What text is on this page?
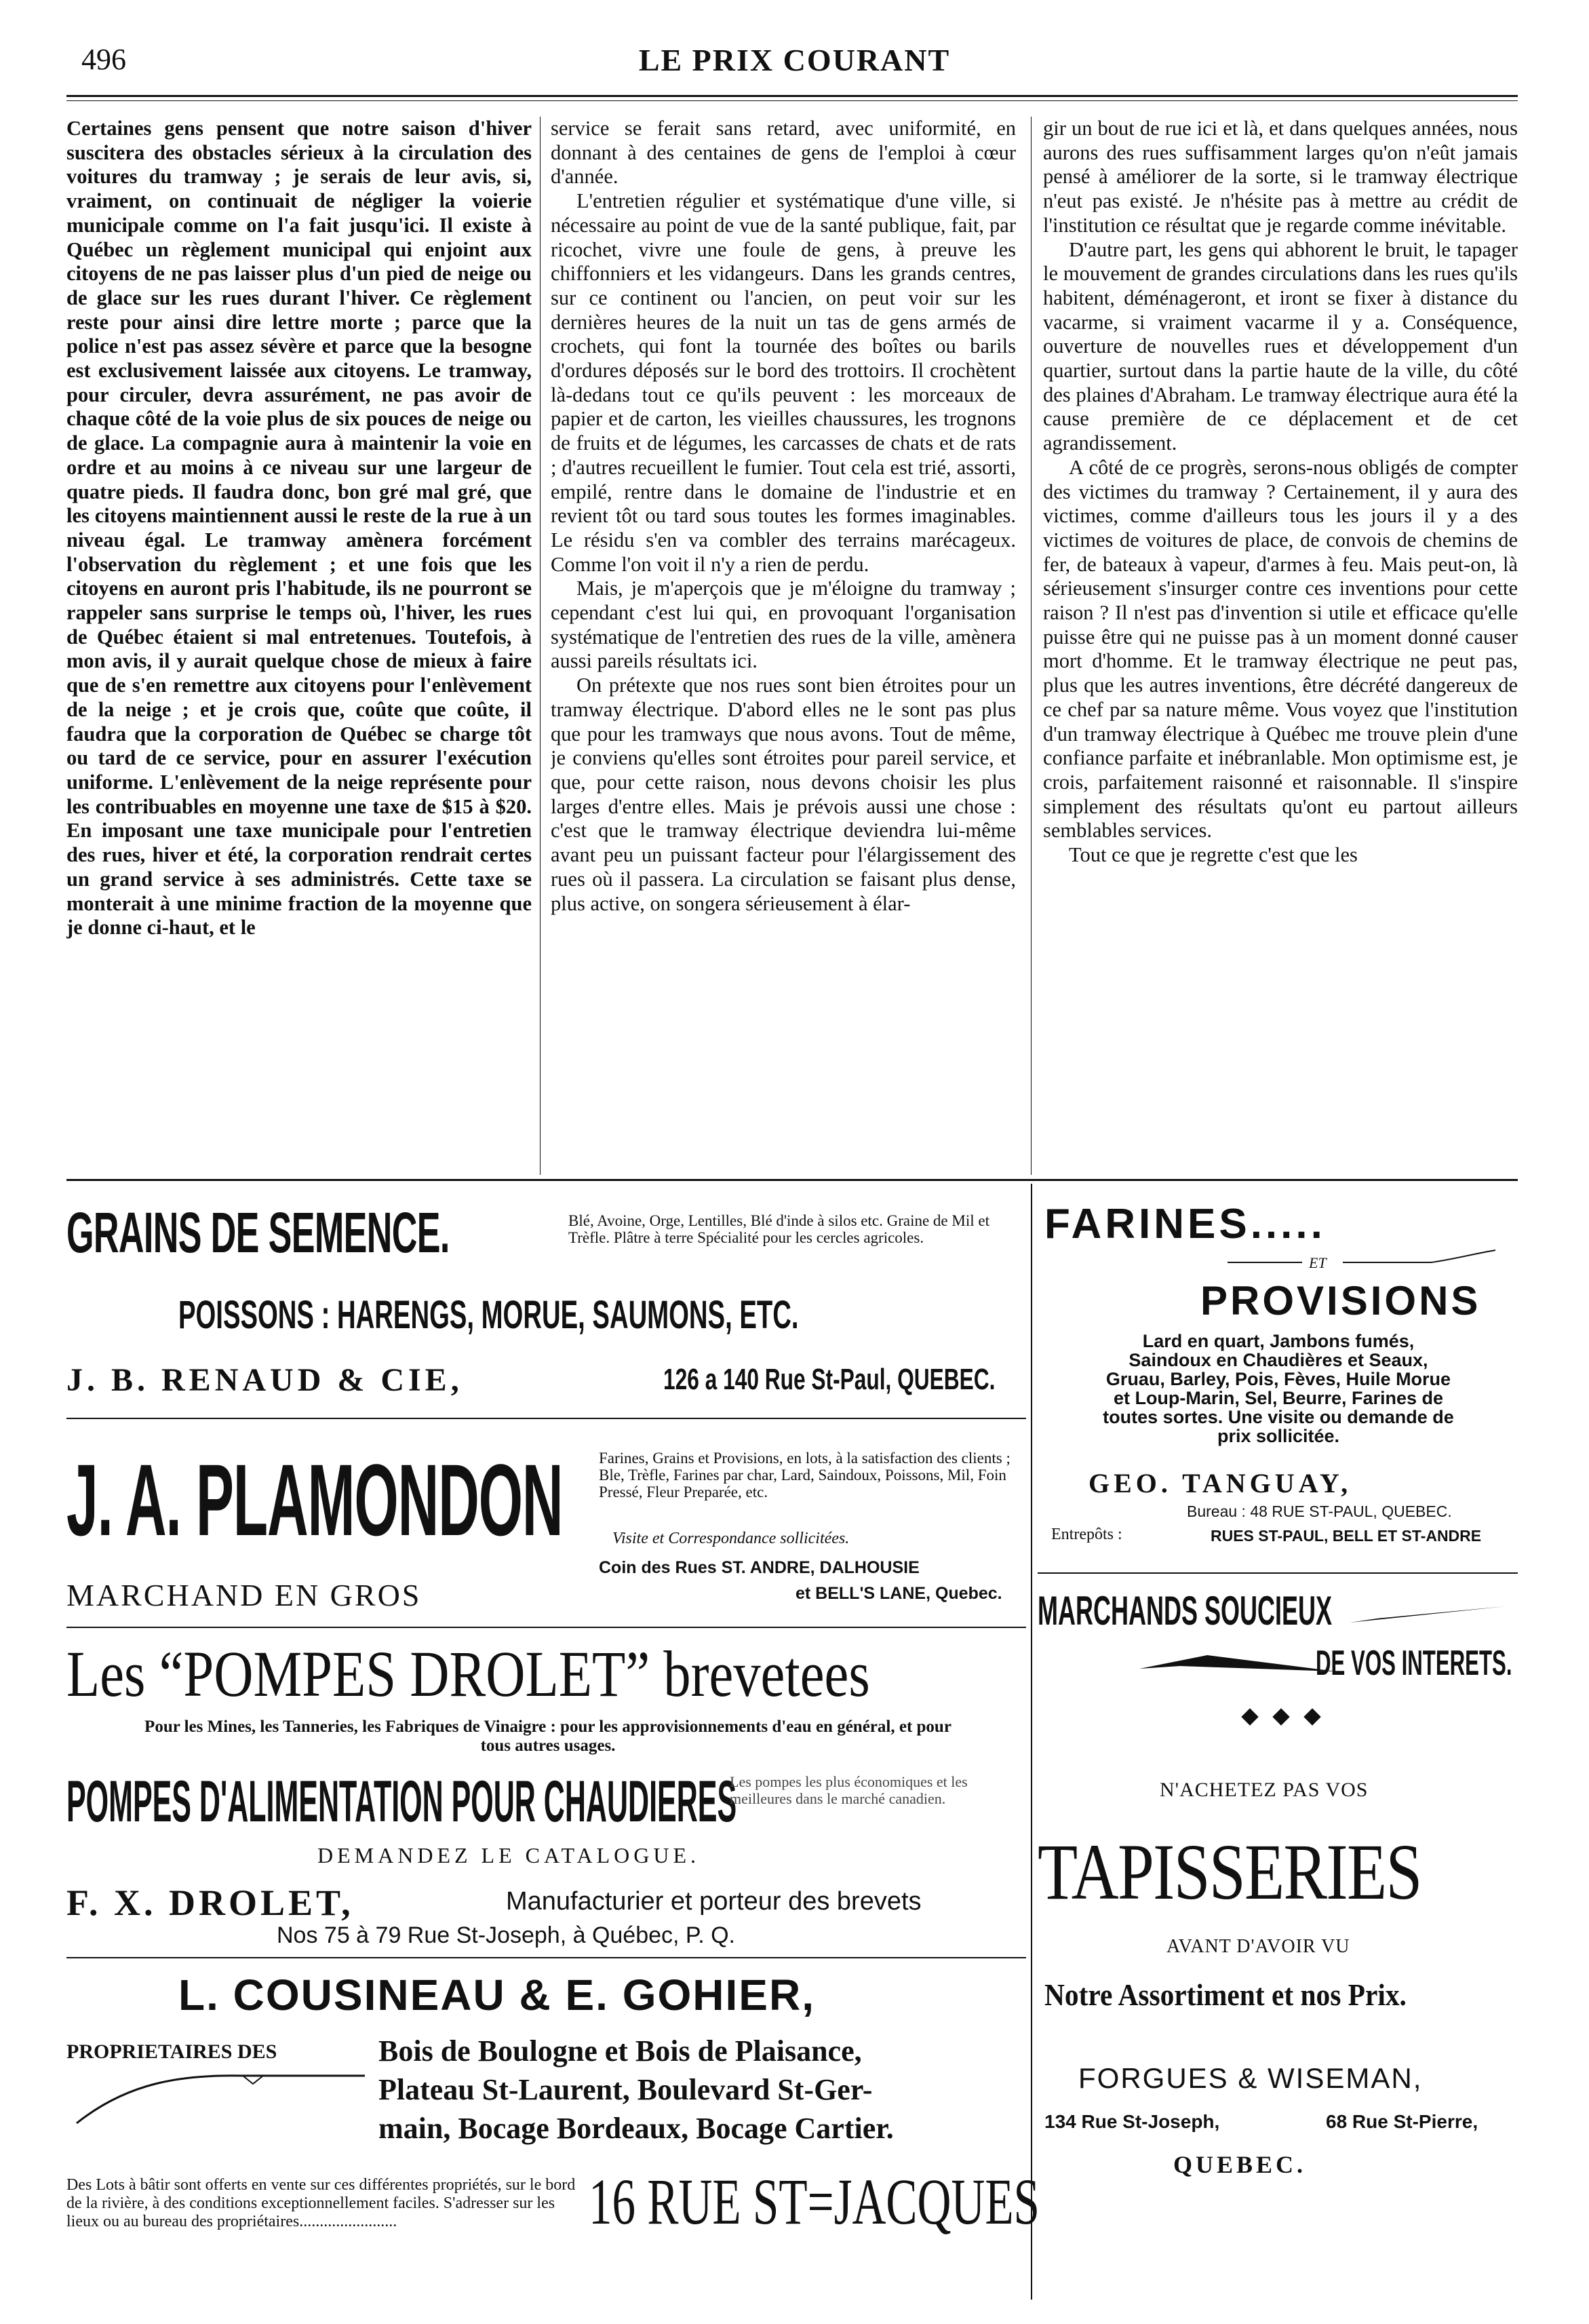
496	LE PRIX COURANT

Certaines gens pensent que notre saison d'hiver suscitera des obstacles sérieux à la circulation des voitures du tramway ; je serais de leur avis, si, vraiment, on continuait de négliger la voierie municipale comme on l'a fait jusqu'ici. Il existe à Québec un règlement municipal qui enjoint aux citoyens de ne pas laisser plus d'un pied de neige ou de glace sur les rues durant l'hiver. Ce règlement reste pour ainsi dire lettre morte ; parce que la police n'est pas assez sévère et parce que la besogne est exclusivement laissée aux citoyens. Le tramway, pour circuler, devra assurément, ne pas avoir de chaque côté de la voie plus de six pouces de neige ou de glace. La compagnie aura à maintenir la voie en ordre et au moins à ce niveau sur une largeur de quatre pieds. Il faudra donc, bon gré mal gré, que les citoyens maintiennent aussi le reste de la rue à un niveau égal. Le tramway amènera forcément l'observation du règlement ; et une fois que les citoyens en auront pris l'habitude, ils ne pourront se rappeler sans surprise le temps où, l'hiver, les rues de Québec étaient si mal entretenues. Toutefois, à mon avis, il y aurait quelque chose de mieux à faire que de s'en remettre aux citoyens pour l'enlèvement de la neige ; et je crois que, coûte que coûte, il faudra que la corporation de Québec se charge tôt ou tard de ce service, pour en assurer l'exécution uniforme. L'enlèvement de la neige représente pour les contribuables en moyenne une taxe de $15 à $20. En imposant une taxe municipale pour l'entretien des rues, hiver et été, la corporation rendrait certes un grand service à ses administrés. Cette taxe se monterait à une minime fraction de la moyenne que je donne ci-haut, et le

service se ferait sans retard, avec uniformité, en donnant à des centaines de gens de l'emploi à cœur d'année.

L'entretien régulier et systématique d'une ville, si nécessaire au point de vue de la santé publique, fait, par ricochet, vivre une foule de gens, à preuve les chiffonniers et les vidangeurs. Dans les grands centres, sur ce continent ou l'ancien, on peut voir sur les dernières heures de la nuit un tas de gens armés de crochets, qui font la tournée des boîtes ou barils d'ordures déposés sur le bord des trottoirs. Il crochètent là-dedans tout ce qu'ils peuvent : les morceaux de papier et de carton, les vieilles chaussures, les trognons de fruits et de légumes, les carcasses de chats et de rats ; d'autres recueillent le fumier. Tout cela est trié, assorti, empilé, rentre dans le domaine de l'industrie et en revient tôt ou tard sous toutes les formes imaginables. Le résidu s'en va combler des terrains marécageux. Comme l'on voit il n'y a rien de perdu.

Mais, je m'aperçois que je m'éloigne du tramway ; cependant c'est lui qui, en provoquant l'organisation systématique de l'entretien des rues de la ville, amènera aussi pareils résultats ici.

On prétexte que nos rues sont bien étroites pour un tramway électrique. D'abord elles ne le sont pas plus que pour les tramways que nous avons. Tout de même, je conviens qu'elles sont étroites pour pareil service, et que, pour cette raison, nous devons choisir les plus larges d'entre elles. Mais je prévois aussi une chose : c'est que le tramway électrique deviendra lui-même avant peu un puissant facteur pour l'élargissement des rues où il passera. La circulation se faisant plus dense, plus active, on songera sérieusement à élar-

gir un bout de rue ici et là, et dans quelques années, nous aurons des rues suffisamment larges qu'on n'eût jamais pensé à améliorer de la sorte, si le tramway électrique n'eut pas existé. Je n'hésite pas à mettre au crédit de l'institution ce résultat que je regarde comme inévitable.

D'autre part, les gens qui abhorent le bruit, le tapager le mouvement de grandes circulations dans les rues qu'ils habitent, déménageront, et iront se fixer à distance du vacarme, si vraiment vacarme il y a. Conséquence, ouverture de nouvelles rues et développement d'un quartier, surtout dans la partie haute de la ville, du côté des plaines d'Abraham. Le tramway électrique aura été la cause première de ce déplacement et de cet agrandissement.

A côté de ce progrès, serons-nous obligés de compter des victimes du tramway ? Certainement, il y aura des victimes, comme d'ailleurs tous les jours il y a des victimes de voitures de place, de convois de chemins de fer, de bateaux à vapeur, d'armes à feu. Mais peut-on, là sérieusement s'insurger contre ces inventions pour cette raison ? Il n'est pas d'invention si utile et efficace qu'elle puisse être qui ne puisse pas à un moment donné causer mort d'homme. Et le tramway électrique ne peut pas, plus que les autres inventions, être décrété dangereux de ce chef par sa nature même. Vous voyez que l'institution d'un tramway électrique à Québec me trouve plein d'une confiance parfaite et inébranlable. Mon optimisme est, je crois, parfaitement raisonné et raisonnable. Il s'inspire simplement des résultats qu'ont eu partout ailleurs semblables services.

Tout ce que je regrette c'est que les

GRAINS DE SEMENCE.	Blé, Avoine, Orge, Lentilles, Blé d'inde à silos etc. Graine de Mil et Trèfle. Plâtre à terre Spécialité pour les cercles agricoles.
POISSONS : HARENGS, MORUE, SAUMONS, ETC.
J. B. RENAUD & CIE,	126 a 140 Rue St-Paul, QUEBEC.
J. A. PLAMONDON
MARCHAND EN GROS
Farines, Grains et Provisions, en lots, à la satisfaction des clients ; Ble, Trèfle, Farines par char, Lard, Saindoux, Poissons, Mil, Foin Pressé, Fleur Preparée, etc.
Visite et Correspondance sollicitées.
Coin des Rues ST. ANDRE, DALHOUSIE
et BELL'S LANE, Quebec.
Les “POMPES DROLET” brevetees
Pour les Mines, les Tanneries, les Fabriques de Vinaigre : pour les approvisionnements d'eau en général, et pour tous autres usages.
POMPES D'ALIMENTATION POUR CHAUDIERES
Les pompes les plus économiques et les meilleures dans le marché canadien.
DEMANDEZ LE CATALOGUE.
F. X. DROLET,	Manufacturier et porteur des brevets
Nos 75 à 79 Rue St-Joseph, à Québec, P. Q.
L. COUSINEAU & E. GOHIER,
PROPRIETAIRES DES	Bois de Boulogne et Bois de Plaisance,
Plateau St-Laurent, Boulevard St-Ger-
main, Bocage Bordeaux, Bocage Cartier.
Des Lots à bâtir sont offerts en vente sur ces différentes propriétés, sur le bord de la rivière, à des conditions exceptionnellement faciles. S'adresser sur les lieux ou au bureau des propriétaires........................	16 RUE ST=JACQUES
FARINES.....
ET
PROVISIONS
Lard en quart, Jambons fumés, Saindoux en Chaudières et Seaux, Gruau, Barley, Pois, Fèves, Huile Morue et Loup-Marin, Sel, Beurre, Farines de toutes sortes. Une visite ou demande de prix sollicitée.
GEO. TANGUAY,
Bureau : 48 RUE ST-PAUL, QUEBEC.
Entrepôts :	RUES ST-PAUL, BELL ET ST-ANDRE
MARCHANDS SOUCIEUX
DE VOS INTERETS.
N'ACHETEZ PAS VOS
TAPISSERIES
AVANT D'AVOIR VU
Notre Assortiment et nos Prix.
FORGUES & WISEMAN,
134 Rue St-Joseph,	68 Rue St-Pierre,
QUEBEC.
